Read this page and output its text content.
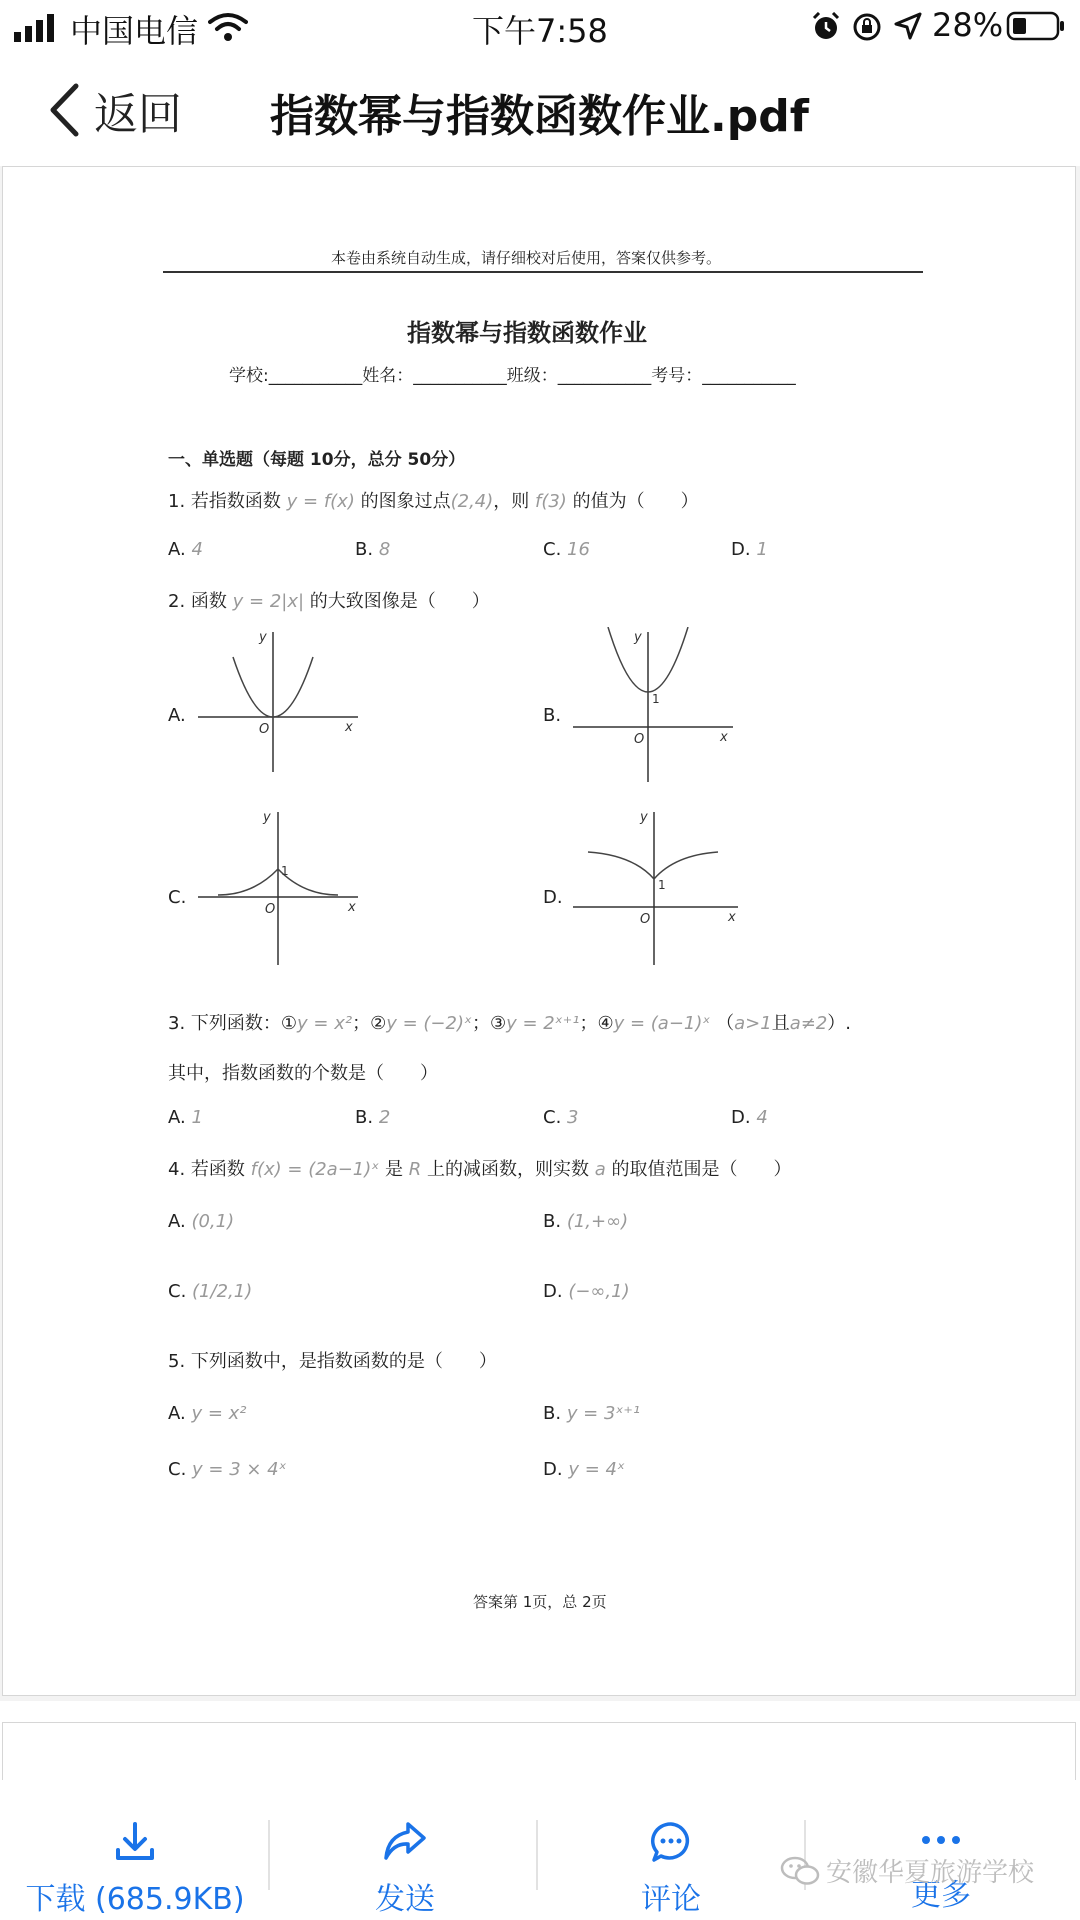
中国电信	下午7:58	28%
返回 指数幂与指数函数作业.pdf
本卷由系统自动生成，请仔细校对后使用，答案仅供参考。
指数幂与指数函数作业
学校:___________姓名：___________班级：___________考号：___________
一、单选题（每题 10分，总分 50分）
1. 若指数函数 y = f(x) 的图象过点(2,4)，则 f(3) 的值为（　　）
A. 4	B. 8	C. 16	D. 1
2. 函数 y = 2|x| 的大致图像是（　　）
A.
y
x
O
B.
y
x
O
1
C.
y
x
O
1
D.
y
x
O
1
3. 下列函数：①y = x²；②y = (−2)ˣ；③y = 2ˣ⁺¹；④y = (a−1)ˣ （a>1且a≠2）.
其中，指数函数的个数是（　　）
A. 1	B. 2	C. 3	D. 4
4. 若函数 f(x) = (2a−1)ˣ 是 R 上的减函数，则实数 a 的取值范围是（　　）
A. (0,1)	B. (1,+∞)
C. (1/2,1)	D. (−∞,1)
5. 下列函数中，是指数函数的是（　　）
A. y = x²	B. y = 3ˣ⁺¹
C. y = 3 × 4ˣ	D. y = 4ˣ
答案第 1页，总 2页
下载 (685.9KB)	发送	评论	更多
安徽华夏旅游学校
